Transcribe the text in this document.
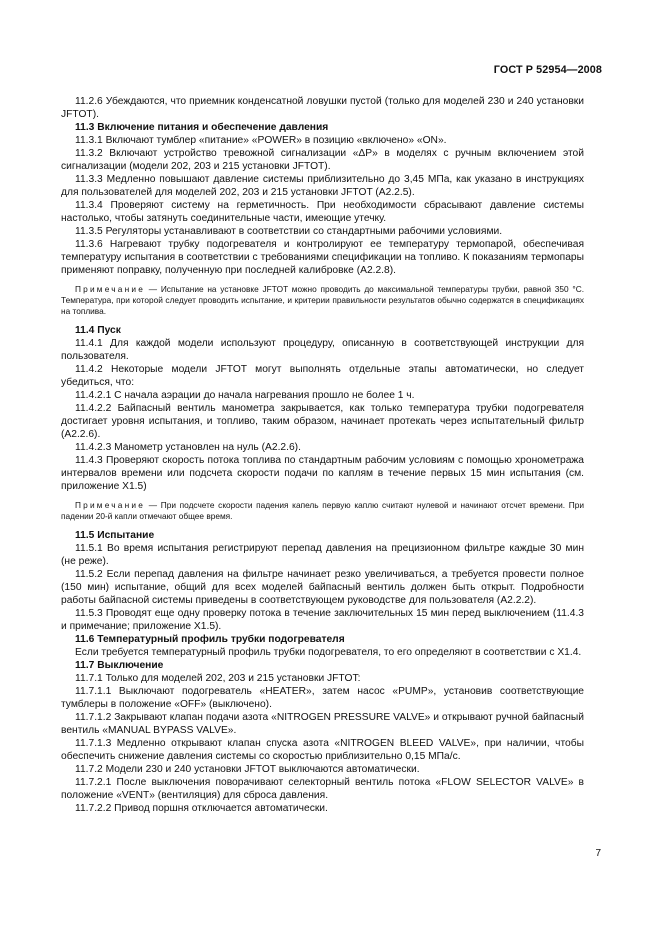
ГОСТ Р 52954—2008

11.2.6 Убеждаются, что приемник конденсатной ловушки пустой (только для моделей 230 и 240 установки JFTOT).

11.3 Включение питания и обеспечение давления

11.3.1 Включают тумблер «питание» «POWER» в позицию «включено» «ON».

11.3.2 Включают устройство тревожной сигнализации «ΔP» в моделях с ручным включением этой сигнализации (модели 202, 203 и 215 установки JFTOT).

11.3.3 Медленно повышают давление системы приблизительно до 3,45 МПа, как указано в инструкциях для пользователей для моделей 202, 203 и 215 установки JFTOT (А2.2.5).

11.3.4 Проверяют систему на герметичность. При необходимости сбрасывают давление системы настолько, чтобы затянуть соединительные части, имеющие утечку.

11.3.5 Регуляторы устанавливают в соответствии со стандартными рабочими условиями.

11.3.6 Нагревают трубку подогревателя и контролируют ее температуру термопарой, обеспечивая температуру испытания в соответствии с требованиями спецификации на топливо. К показаниям термопары применяют поправку, полученную при последней калибровке (А2.2.8).

Примечание — Испытание на установке JFTOT можно проводить до максимальной температуры трубки, равной 350 °С. Температура, при которой следует проводить испытание, и критерии правильности результатов обычно содержатся в спецификациях на топлива.

11.4 Пуск

11.4.1 Для каждой модели используют процедуру, описанную в соответствующей инструкции для пользователя.

11.4.2 Некоторые модели JFTOT могут выполнять отдельные этапы автоматически, но следует убедиться, что:

11.4.2.1 С начала аэрации до начала нагревания прошло не более 1 ч.

11.4.2.2 Байпасный вентиль манометра закрывается, как только температура трубки подогревателя достигает уровня испытания, и топливо, таким образом, начинает протекать через испытательный фильтр (А2.2.6).

11.4.2.3 Манометр установлен на нуль (А2.2.6).

11.4.3 Проверяют скорость потока топлива по стандартным рабочим условиям с помощью хронометража интервалов времени или подсчета скорости подачи по каплям в течение первых 15 мин испытания (см. приложение Х1.5)

Примечание — При подсчете скорости падения капель первую каплю считают нулевой и начинают отсчет времени. При падении 20-й капли отмечают общее время.

11.5 Испытание

11.5.1 Во время испытания регистрируют перепад давления на прецизионном фильтре каждые 30 мин (не реже).

11.5.2 Если перепад давления на фильтре начинает резко увеличиваться, а требуется провести полное (150 мин) испытание, общий для всех моделей байпасный вентиль должен быть открыт. Подробности работы байпасной системы приведены в соответствующем руководстве для пользователя (А2.2.2).

11.5.3 Проводят еще одну проверку потока в течение заключительных 15 мин перед выключением (11.4.3 и примечание; приложение Х1.5).

11.6 Температурный профиль трубки подогревателя

Если требуется температурный профиль трубки подогревателя, то его определяют в соответствии с Х1.4.

11.7 Выключение

11.7.1 Только для моделей 202, 203 и 215 установки JFTOT:

11.7.1.1 Выключают подогреватель «HEATER», затем насос «PUMP», установив соответствующие тумблеры в положение «OFF» (выключено).

11.7.1.2 Закрывают клапан подачи азота «NITROGEN PRESSURE VALVE» и открывают ручной байпасный вентиль «MANUAL BYPASS VALVE».

11.7.1.3 Медленно открывают клапан спуска азота «NITROGEN BLEED VALVE», при наличии, чтобы обеспечить снижение давления системы со скоростью приблизительно 0,15 МПа/с.

11.7.2 Модели 230 и 240 установки JFTOT выключаются автоматически.

11.7.2.1 После выключения поворачивают селекторный вентиль потока «FLOW SELECTOR VALVE» в положение «VENT» (вентиляция) для сброса давления.

11.7.2.2 Привод поршня отключается автоматически.

7
